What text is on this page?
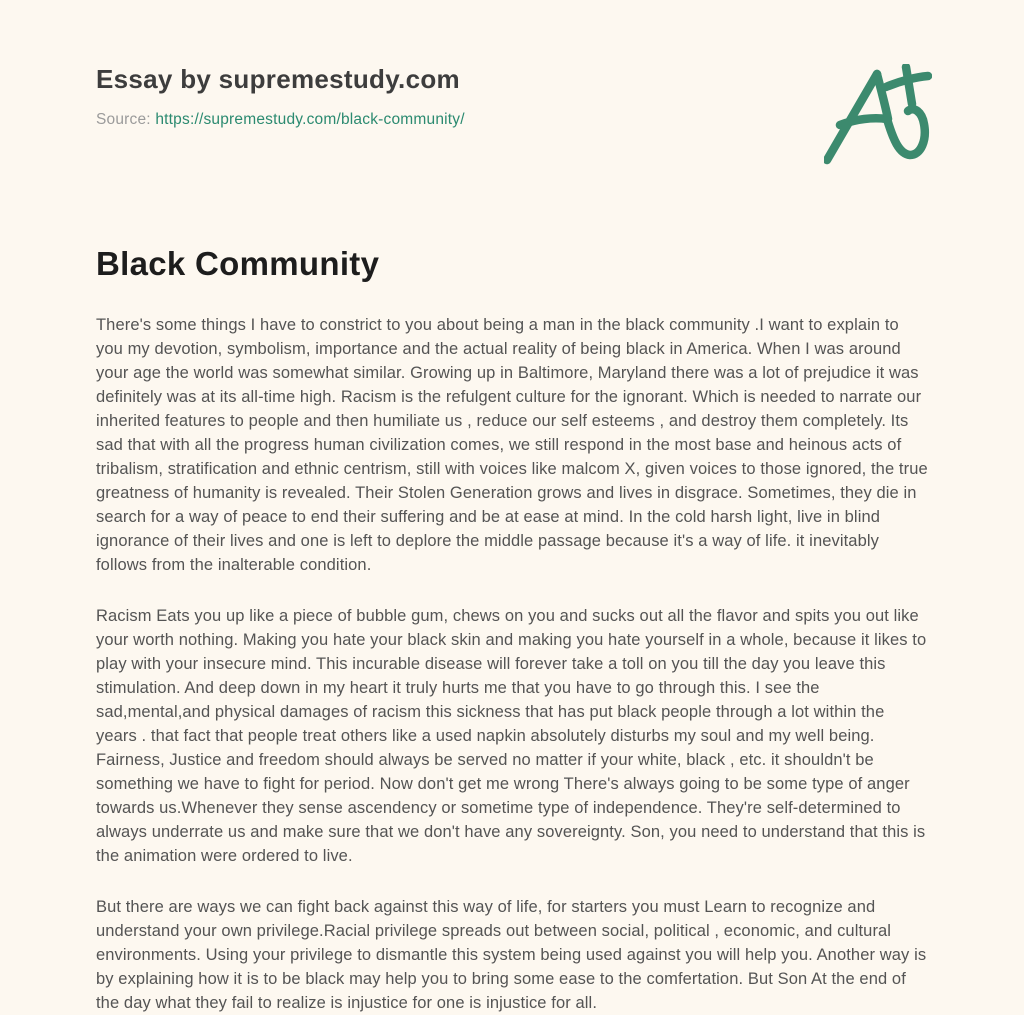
Essay by supremestudy.com
Source: https://supremestudy.com/black-community/
Black Community

There's some things I have to constrict to you about being a man in the black community .I want to explain to you my devotion, symbolism, importance and the actual reality of being black in America. When I was around your age the world was somewhat similar. Growing up in Baltimore, Maryland there was a lot of prejudice it was definitely was at its all-time high. Racism is the refulgent culture for the ignorant. Which is needed to narrate our inherited features to people and then humiliate us , reduce our self esteems , and destroy them completely. Its sad that with all the progress human civilization comes, we still respond in the most base and heinous acts of tribalism, stratification and ethnic centrism, still with voices like malcom X, given voices to those ignored, the true greatness of humanity is revealed. Their Stolen Generation grows and lives in disgrace. Sometimes, they die in search for a way of peace to end their suffering and be at ease at mind. In the cold harsh light, live in blind ignorance of their lives and one is left to deplore the middle passage because it's a way of life. it inevitably follows from the inalterable condition.

Racism Eats you up like a piece of bubble gum, chews on you and sucks out all the flavor and spits you out like your worth nothing. Making you hate your black skin and making you hate yourself in a whole, because it likes to play with your insecure mind. This incurable disease will forever take a toll on you till the day you leave this stimulation. And deep down in my heart it truly hurts me that you have to go through this. I see the sad,mental,and physical damages of racism this sickness that has put black people through a lot within the years . that fact that people treat others like a used napkin absolutely disturbs my soul and my well being. Fairness, Justice and freedom should always be served no matter if your white, black , etc. it shouldn't be something we have to fight for period. Now don't get me wrong There's always going to be some type of anger towards us.Whenever they sense ascendency or sometime type of independence. They're self-determined to always underrate us and make sure that we don't have any sovereignty. Son, you need to understand that this is the animation were ordered to live.

But there are ways we can fight back against this way of life, for starters you must Learn to recognize and understand your own privilege.Racial privilege spreads out between social, political , economic, and cultural environments. Using your privilege to dismantle this system being used against you will help you. Another way is by explaining how it is to be black may help you to bring some ease to the comfertation. But Son At the end of the day what they fail to realize is injustice for one is injustice for all.
